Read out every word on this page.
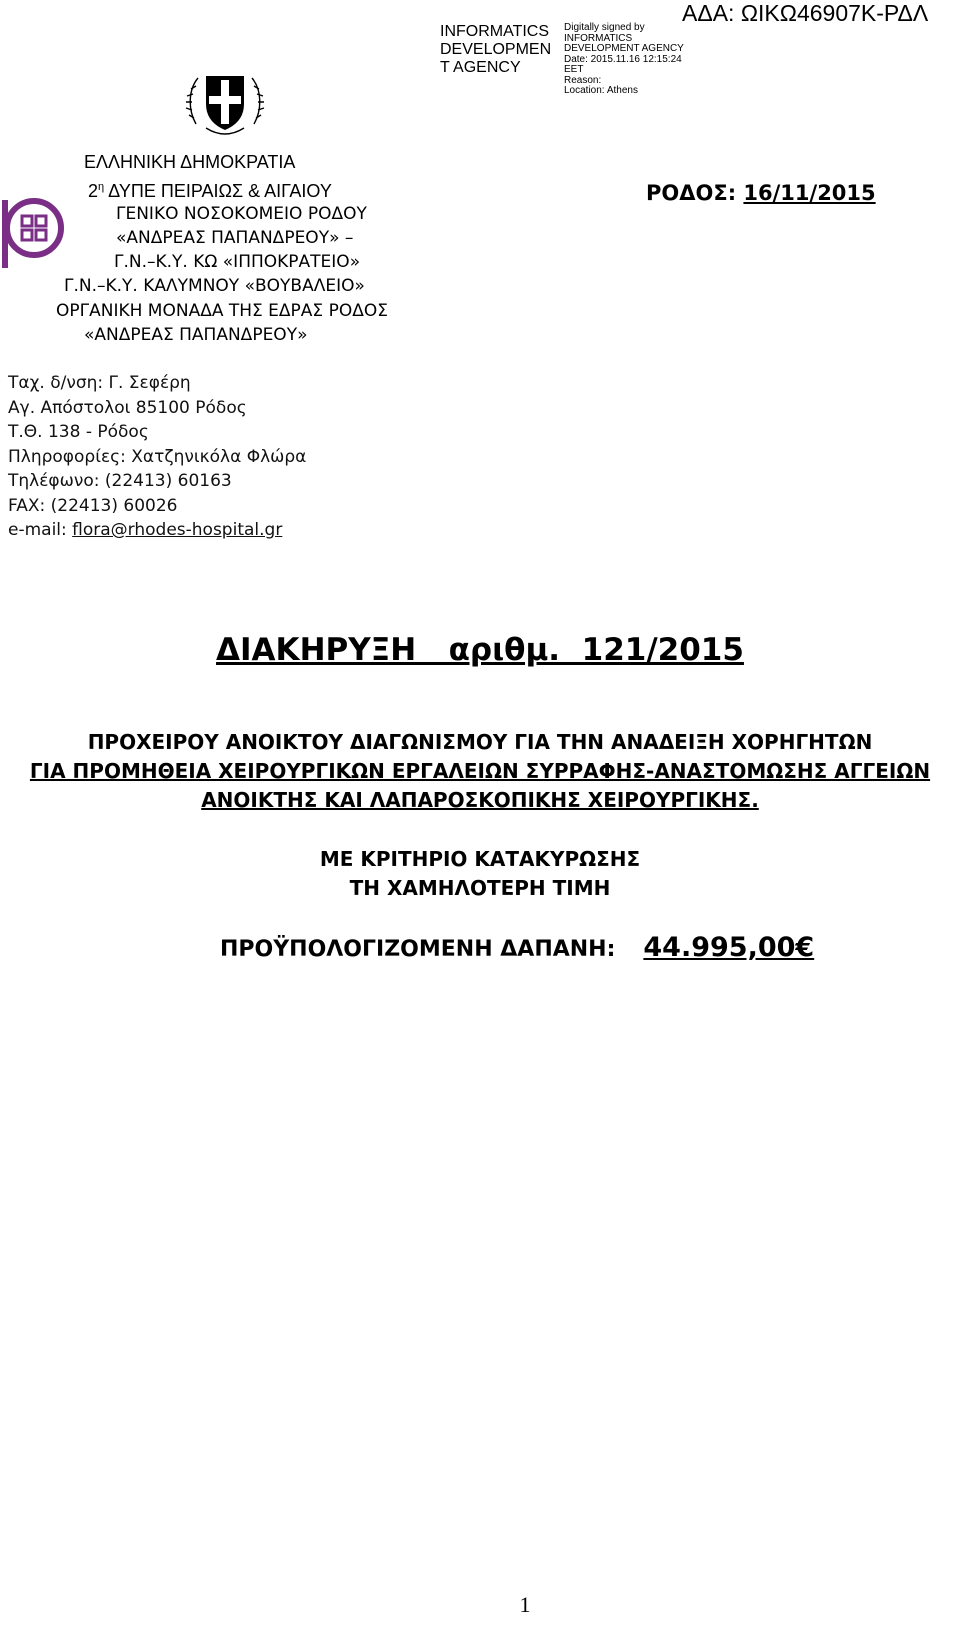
INFORMATICS
DEVELOPMEN
T AGENCY
Digitally signed by
INFORMATICS
DEVELOPMENT AGENCY
Date: 2015.11.16 12:15:24
EET
Reason:
Location: Athens
ΑΔΑ: ΩΙΚΩ46907Κ-ΡΔΛ
ΕΛΛΗΝΙΚΗ ΔΗΜΟΚΡΑΤΙΑ
$2^\eta$ ΔΥΠΕ ΠΕΙΡΑΙΩΣ & ΑΙΓΑΙΟΥ
ΓΕΝΙΚΟ ΝΟΣΟΚΟΜΕΙΟ ΡΟΔΟΥ
«ΑΝΔΡΕΑΣ ΠΑΠΑΝΔΡΕΟΥ» –
Γ.Ν.–Κ.Υ. ΚΩ «ΙΠΠΟΚΡΑΤΕΙΟ»
Γ.Ν.–Κ.Υ. ΚΑΛΥΜΝΟΥ «ΒΟΥΒΑΛΕΙΟ»
ΟΡΓΑΝΙΚΗ ΜΟΝΑΔΑ ΤΗΣ ΕΔΡΑΣ ΡΟΔΟΣ
«ΑΝΔΡΕΑΣ ΠΑΠΑΝΔΡΕΟΥ»
ΡΟΔΟΣ: 16/11/2015
Ταχ. δ/νση: Γ. Σεφέρη
Αγ. Απόστολοι 85100 Ρόδος
Τ.Θ. 138 - Ρόδος
Πληροφορίες: Χατζηνικόλα Φλώρα
Τηλέφωνο: (22413) 60163
FAX: (22413) 60026
e-mail: flora@rhodes-hospital.gr
ΔΙΑΚΗΡΥΞΗ   αριθμ.  121/2015
ΠΡΟΧΕΙΡΟΥ ΑΝΟΙΚΤΟΥ ΔΙΑΓΩΝΙΣΜΟΥ ΓΙΑ ΤΗΝ ΑΝΑΔΕΙΞΗ ΧΟΡΗΓΗΤΩΝ
ΓΙΑ ΠΡΟΜΗΘΕΙΑ ΧΕΙΡΟΥΡΓΙΚΩΝ ΕΡΓΑΛΕΙΩΝ ΣΥΡΡΑΦΗΣ-ΑΝΑΣΤΟΜΩΣΗΣ ΑΓΓΕΙΩΝ
ΑΝΟΙΚΤΗΣ ΚΑΙ ΛΑΠΑΡΟΣΚΟΠΙΚΗΣ ΧΕΙΡΟΥΡΓΙΚΗΣ.
ΜΕ ΚΡΙΤΗΡΙΟ ΚΑΤΑΚΥΡΩΣΗΣ
ΤΗ ΧΑΜΗΛΟΤΕΡΗ ΤΙΜΗ
ΠΡΟΫΠΟΛΟΓΙΖΟΜΕΝΗ ΔΑΠΑΝΗ: 44.995,00€
1
